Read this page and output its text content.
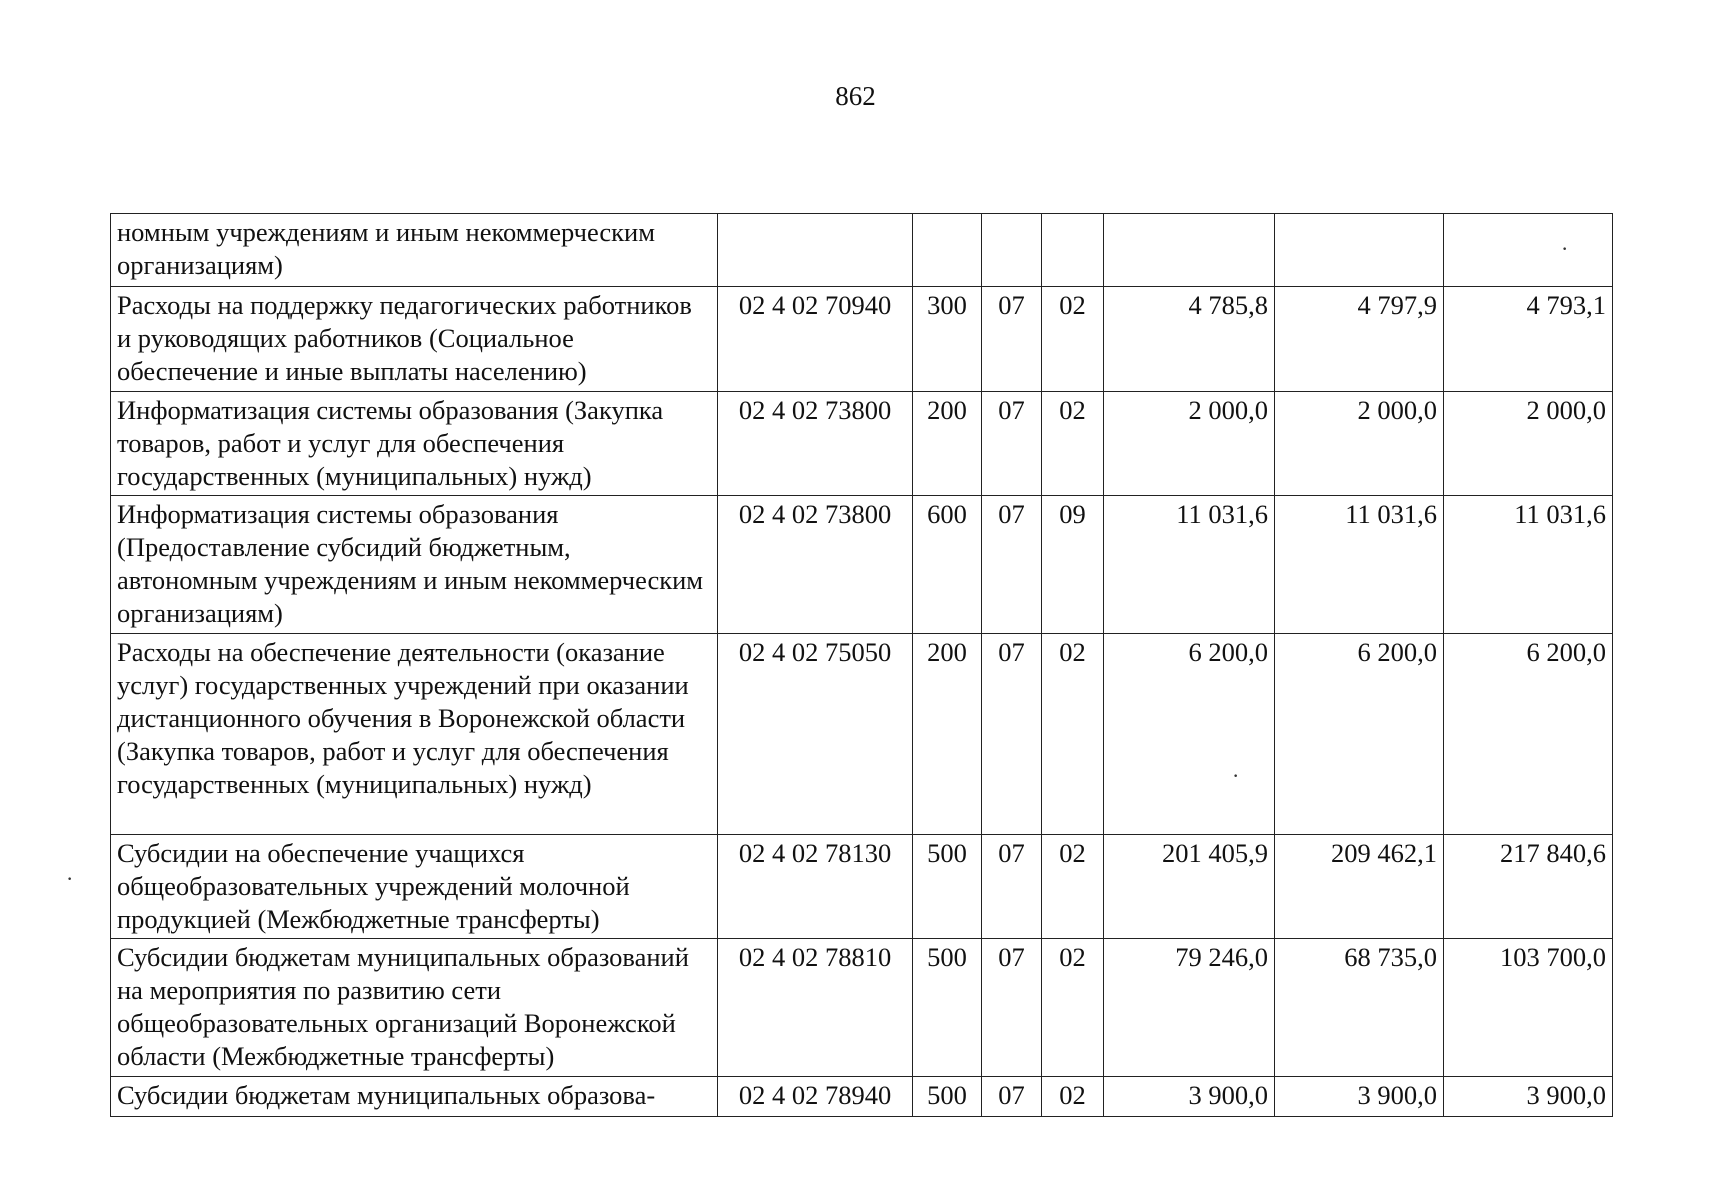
862
номным учреждениям и иным некоммерческим организациям)							
Расходы на поддержку педагогических работников и руководящих работников (Социальное обеспечение и иные выплаты населению)	02 4 02 70940	300	07	02	4 785,8	4 797,9	4 793,1
Информатизация системы образования (Закупка товаров, работ и услуг для обеспечения государственных (муниципальных) нужд)	02 4 02 73800	200	07	02	2 000,0	2 000,0	2 000,0
Информатизация системы образования (Предоставление субсидий бюджетным, автономным учреждениям и иным некоммерческим организациям)	02 4 02 73800	600	07	09	11 031,6	11 031,6	11 031,6
Расходы на обеспечение деятельности (оказание услуг) государственных учреждений при оказании дистанционного обучения в Воронежской области (Закупка товаров, работ и услуг для обеспечения государственных (муниципальных) нужд)	02 4 02 75050	200	07	02	6 200,0	6 200,0	6 200,0
Субсидии на обеспечение учащихся общеобразовательных учреждений молочной продукцией (Межбюджетные трансферты)	02 4 02 78130	500	07	02	201 405,9	209 462,1	217 840,6
Субсидии бюджетам муниципальных образований на мероприятия по развитию сети общеобразовательных организаций Воронежской области (Межбюджетные трансферты)	02 4 02 78810	500	07	02	79 246,0	68 735,0	103 700,0
Субсидии бюджетам муниципальных образова-	02 4 02 78940	500	07	02	3 900,0	3 900,0	3 900,0
·
·
·
